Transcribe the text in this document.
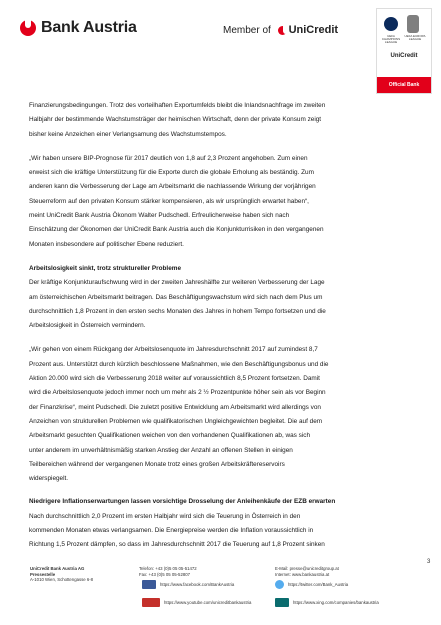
Bank Austria	Member of UniCredit	UEFA CHAMPIONS LEAGUE
UEFA EUROPA LEAGUE
UniCredit
Official Bank

Finanzierungsbedingungen. Trotz des vorteilhaften Exportumfelds bleibt die Inlandsnachfrage im zweiten
Halbjahr der bestimmende Wachstumsträger der heimischen Wirtschaft, denn der private Konsum zeigt
bisher keine Anzeichen einer Verlangsamung des Wachstumstempos.

„Wir haben unsere BIP-Prognose für 2017 deutlich von 1,8 auf 2,3 Prozent angehoben. Zum einen
erweist sich die kräftige Unterstützung für die Exporte durch die globale Erholung als beständig. Zum
anderen kann die Verbesserung der Lage am Arbeitsmarkt die nachlassende Wirkung der vorjährigen
Steuerreform auf den privaten Konsum stärker kompensieren, als wir ursprünglich erwartet haben“,
meint UniCredit Bank Austria Ökonom Walter Pudschedl. Erfreulicherweise haben sich nach
Einschätzung der Ökonomen der UniCredit Bank Austria auch die Konjunkturrisiken in den vergangenen
Monaten insbesondere auf politischer Ebene reduziert.

Arbeitslosigkeit sinkt, trotz struktureller Probleme

Der kräftige Konjunkturaufschwung wird in der zweiten Jahreshälfte zur weiteren Verbesserung der Lage
am österreichischen Arbeitsmarkt beitragen. Das Beschäftigungswachstum wird sich nach dem Plus um
durchschnittlich 1,8 Prozent in den ersten sechs Monaten des Jahres in hohem Tempo fortsetzen und die
Arbeitslosigkeit in Österreich vermindern.

„Wir gehen von einem Rückgang der Arbeitslosenquote im Jahresdurchschnitt 2017 auf zumindest 8,7
Prozent aus. Unterstützt durch kürzlich beschlossene Maßnahmen, wie den Beschäftigungsbonus und die
Aktion 20.000 wird sich die Verbesserung 2018 weiter auf voraussichtlich 8,5 Prozent fortsetzen. Damit
wird die Arbeitslosenquote jedoch immer noch um mehr als 2 ½ Prozentpunkte höher sein als vor Beginn
der Finanzkrise“, meint Pudschedl. Die zuletzt positive Entwicklung am Arbeitsmarkt wird allerdings von
Anzeichen von strukturellen Problemen wie qualifikatorischen Ungleichgewichten begleitet. Die auf dem
Arbeitsmarkt gesuchten Qualifikationen weichen von den vorhandenen Qualifikationen ab, was sich
unter anderem im unverhältnismäßig starken Anstieg der Anzahl an offenen Stellen in einigen
Teilbereichen während der vergangenen Monate trotz eines großen Arbeitskräftereservoirs
widerspiegelt.

Niedrigere Inflationserwartungen lassen vorsichtige Drosselung der Anleihenkäufe der EZB erwarten

Nach durchschnittlich 2,0 Prozent im ersten Halbjahr wird sich die Teuerung in Österreich in den
kommenden Monaten etwas verlangsamen. Die Energiepreise werden die Inflation voraussichtlich in
Richtung 1,5 Prozent dämpfen, so dass im Jahresdurchschnitt 2017 die Teuerung auf 1,8 Prozent sinken

3
UniCredit Bank Austria AG
Pressestelle
A-1010 Wien, Schottengasse 6-8
Telefon: +43 (0)5 05 05-51472
Fax: +43 (0)5 05 05-52807
E-Mail: presse@unicreditgroup.at
Internet: www.bankaustria.at
https://www.facebook.com/BankAustria	https://twitter.com/Bank_Austria
https://www.youtube.com/unicreditbankaustria	https://www.xing.com/companies/bankaustria
